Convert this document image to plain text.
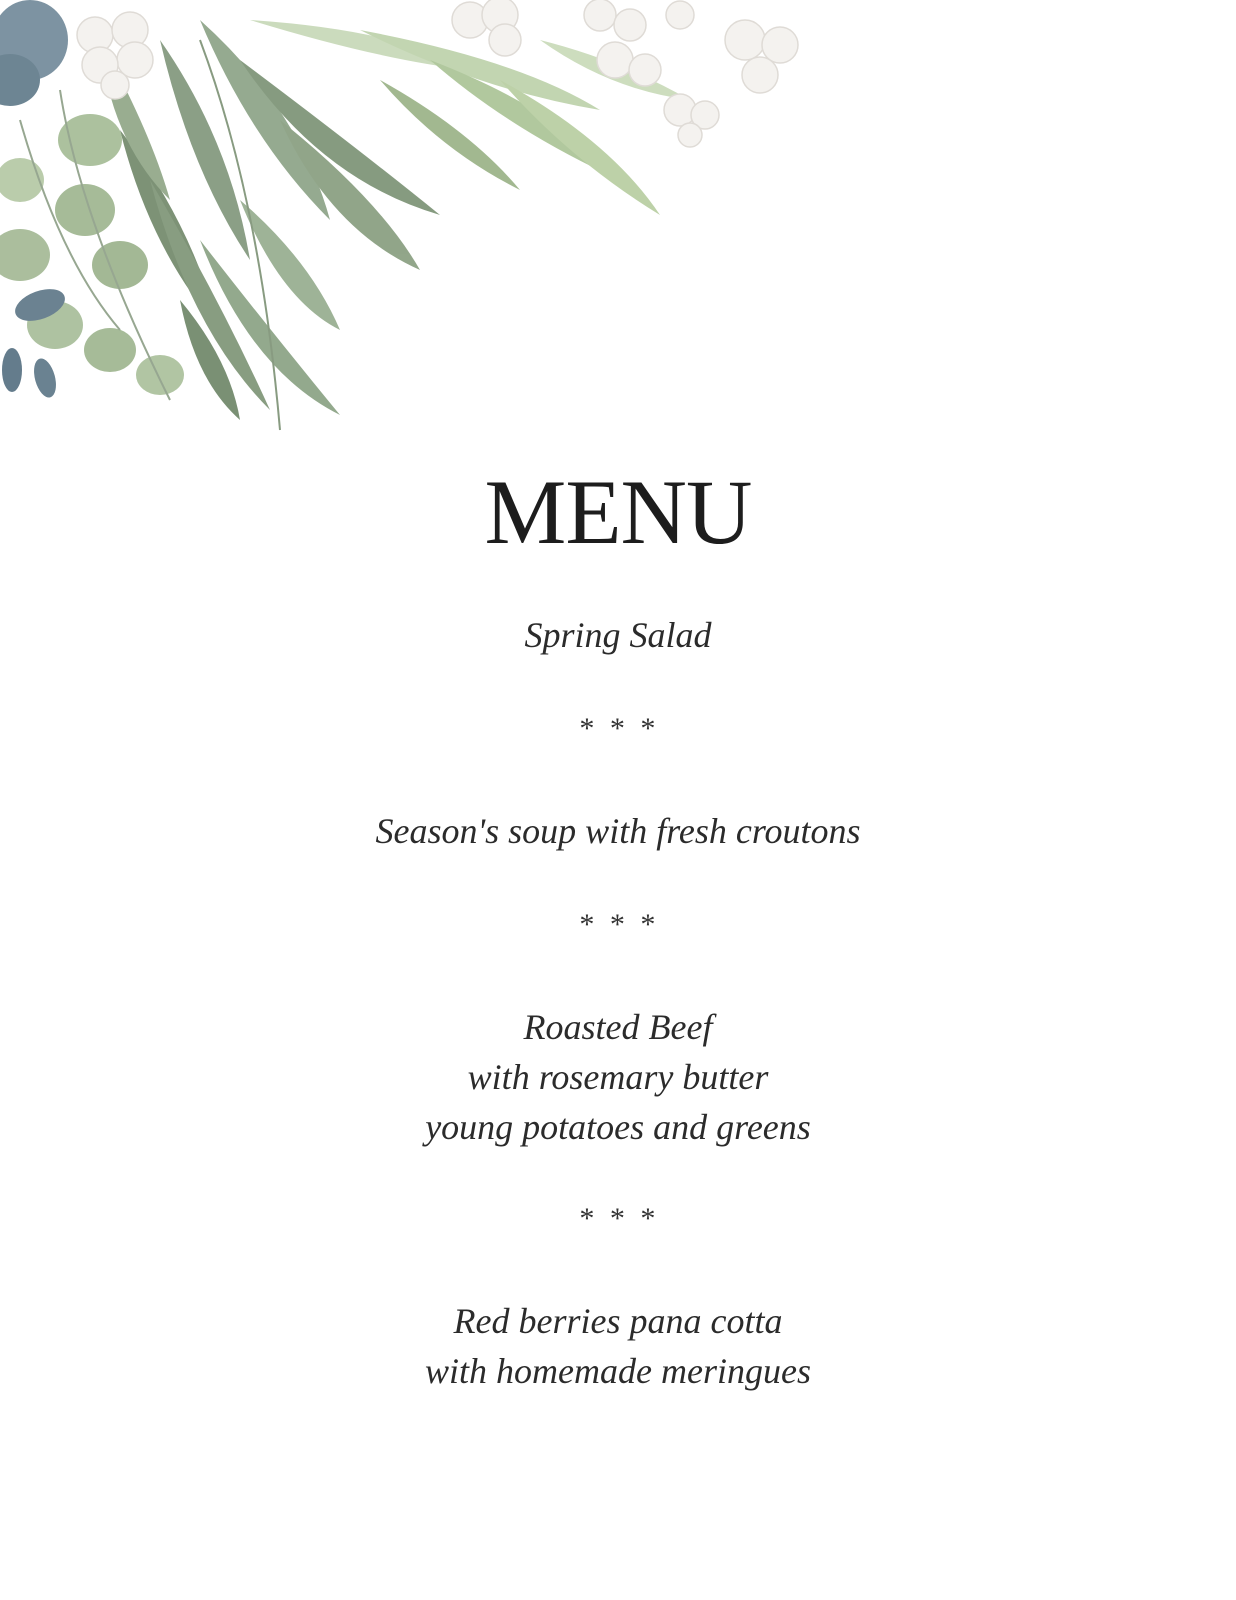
MENU
Spring Salad
* * *
Season's soup with fresh croutons
* * *
Roasted Beef
with rosemary butter
young potatoes and greens
* * *
Red berries pana cotta
with homemade meringues
